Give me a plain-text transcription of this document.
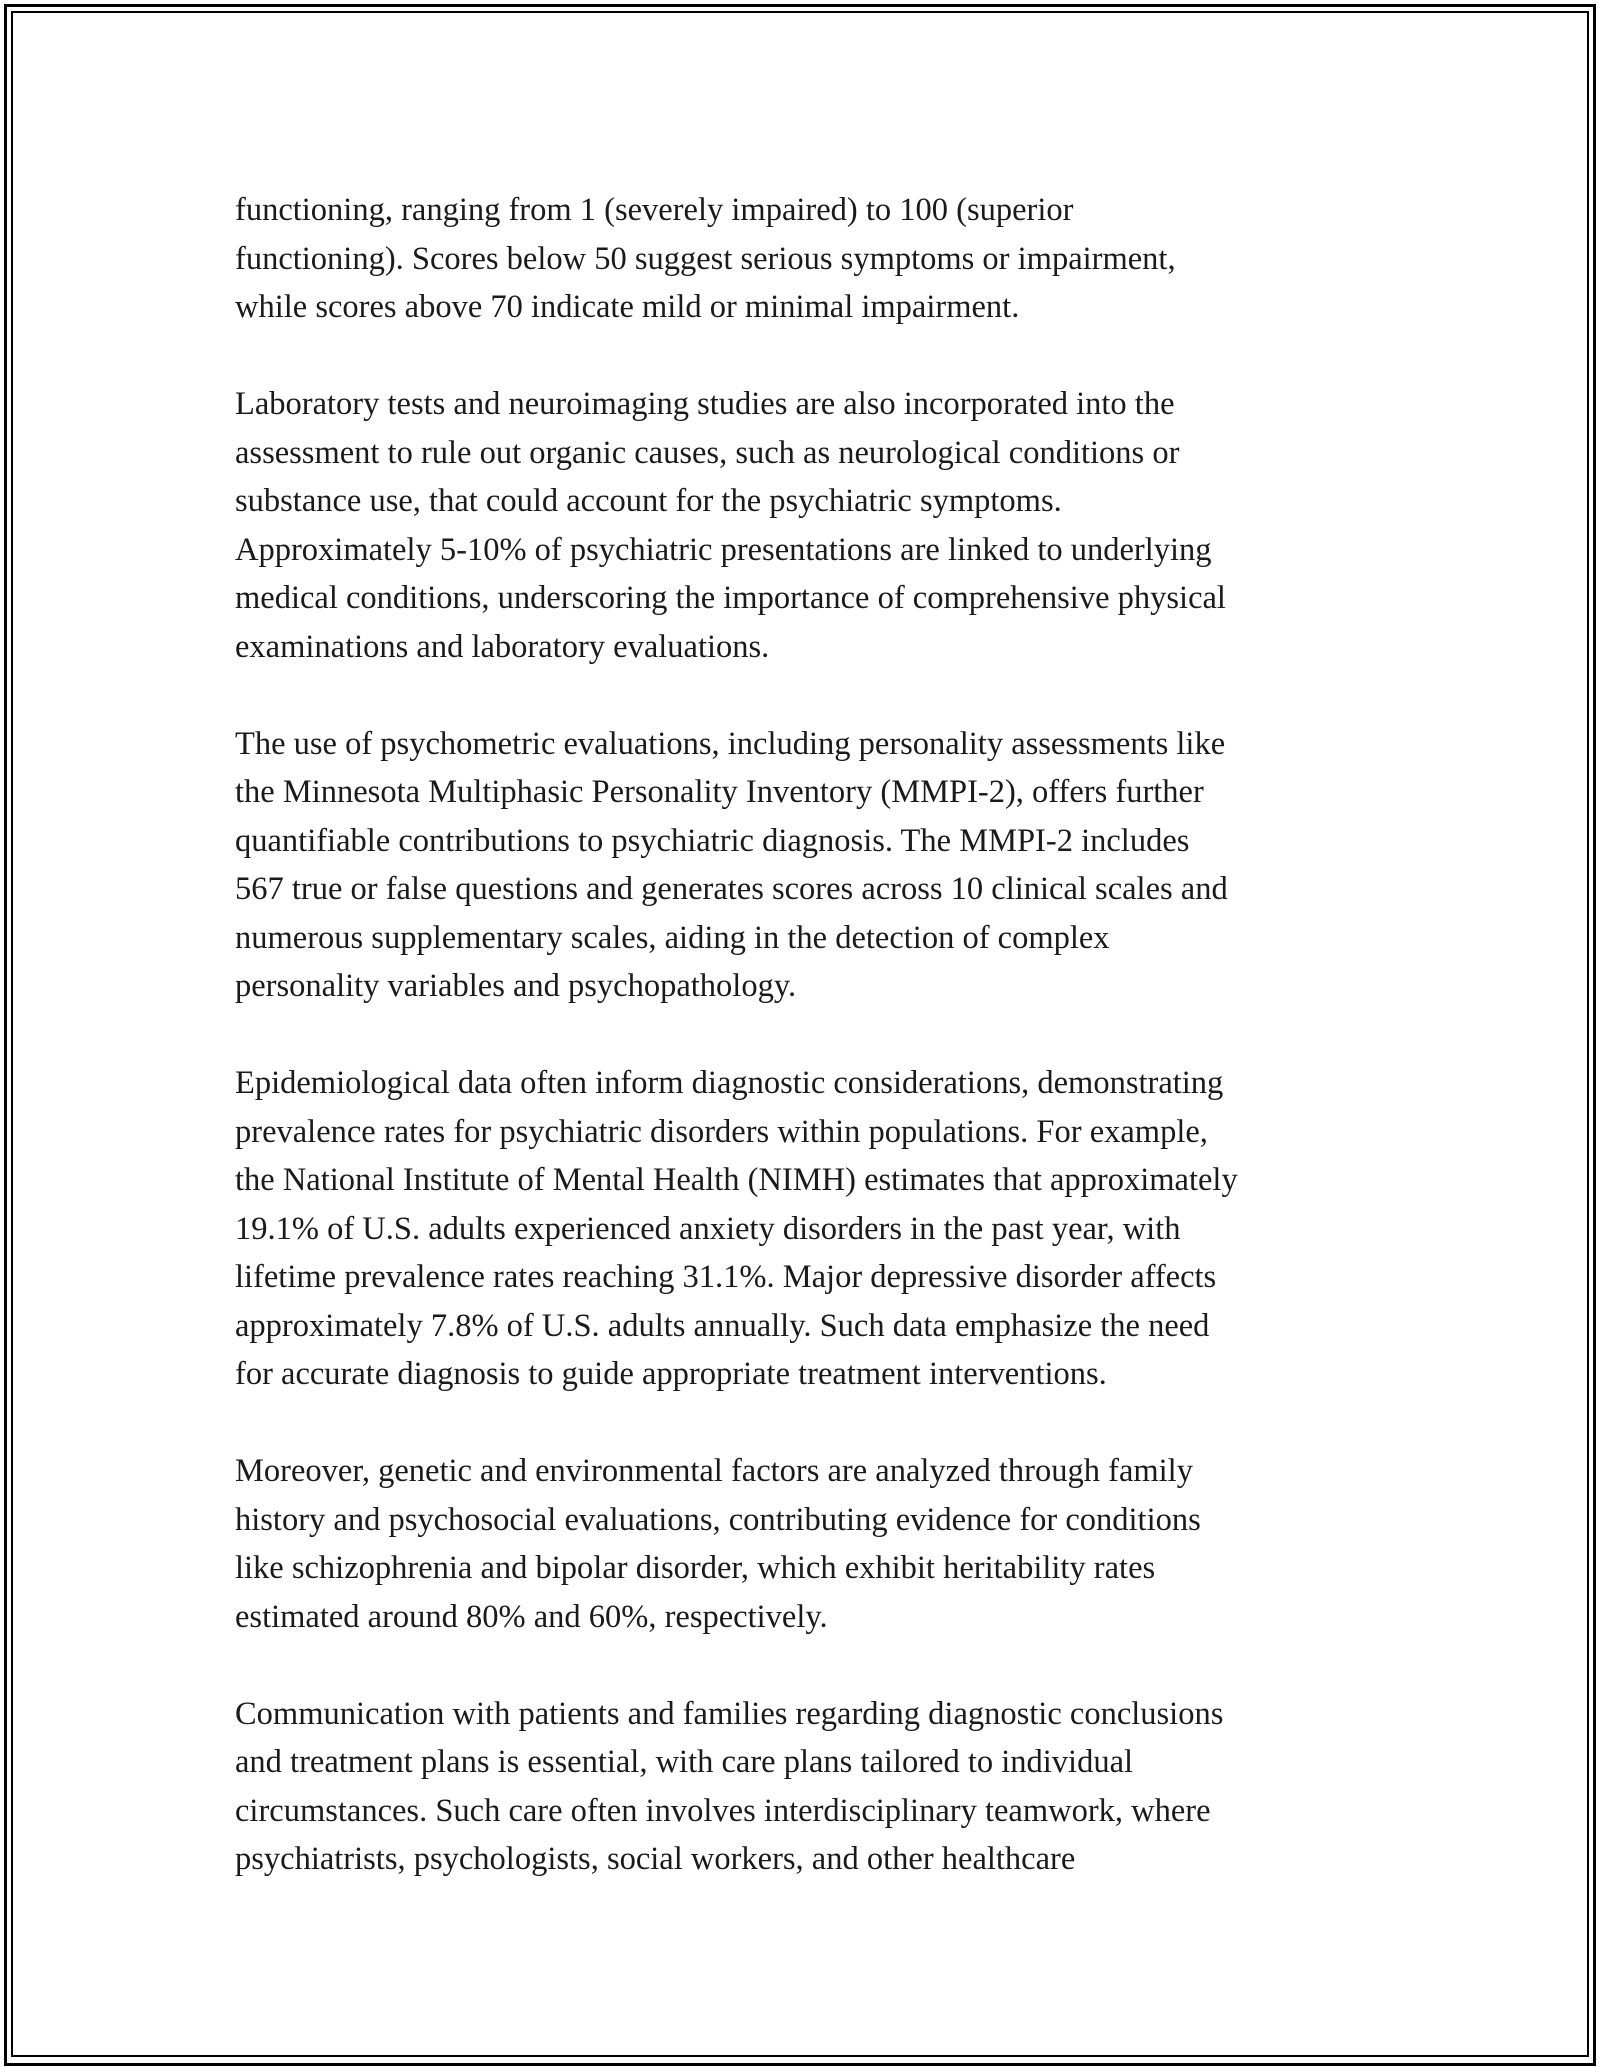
functioning, ranging from 1 (severely impaired) to 100 (superior
functioning). Scores below 50 suggest serious symptoms or impairment,
while scores above 70 indicate mild or minimal impairment.

Laboratory tests and neuroimaging studies are also incorporated into the
assessment to rule out organic causes, such as neurological conditions or
substance use, that could account for the psychiatric symptoms.
Approximately 5-10% of psychiatric presentations are linked to underlying
medical conditions, underscoring the importance of comprehensive physical
examinations and laboratory evaluations.

The use of psychometric evaluations, including personality assessments like
the Minnesota Multiphasic Personality Inventory (MMPI-2), offers further
quantifiable contributions to psychiatric diagnosis. The MMPI-2 includes
567 true or false questions and generates scores across 10 clinical scales and
numerous supplementary scales, aiding in the detection of complex
personality variables and psychopathology.

Epidemiological data often inform diagnostic considerations, demonstrating
prevalence rates for psychiatric disorders within populations. For example,
the National Institute of Mental Health (NIMH) estimates that approximately
19.1% of U.S. adults experienced anxiety disorders in the past year, with
lifetime prevalence rates reaching 31.1%. Major depressive disorder affects
approximately 7.8% of U.S. adults annually. Such data emphasize the need
for accurate diagnosis to guide appropriate treatment interventions.

Moreover, genetic and environmental factors are analyzed through family
history and psychosocial evaluations, contributing evidence for conditions
like schizophrenia and bipolar disorder, which exhibit heritability rates
estimated around 80% and 60%, respectively.

Communication with patients and families regarding diagnostic conclusions
and treatment plans is essential, with care plans tailored to individual
circumstances. Such care often involves interdisciplinary teamwork, where
psychiatrists, psychologists, social workers, and other healthcare
